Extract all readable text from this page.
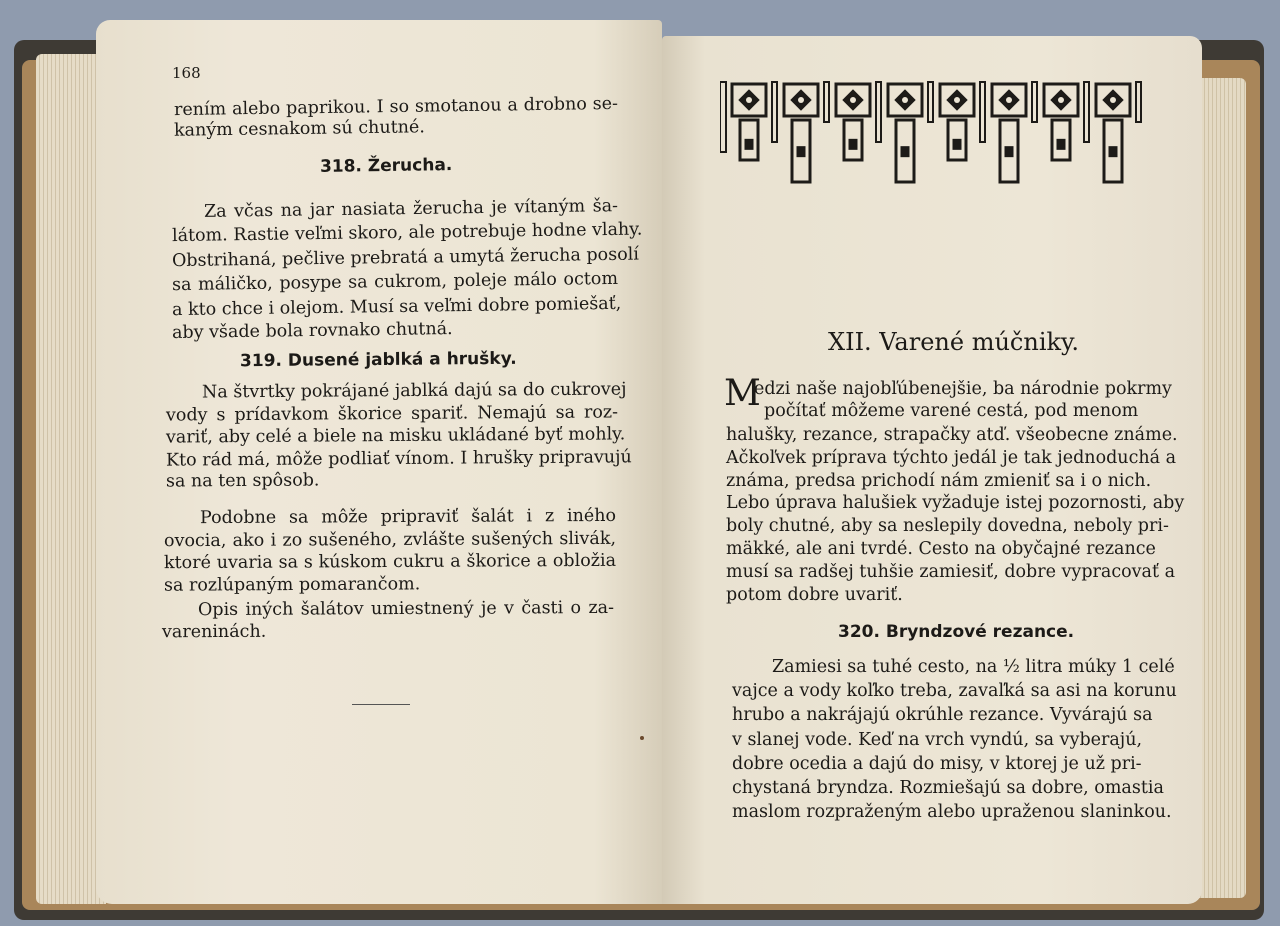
168
rením alebo paprikou. I so smotanou a drobno se-
kaným cesnakom sú chutné.
318. Žerucha.
Za včas na jar nasiata žerucha je vítaným ša-
látom. Rastie veľmi skoro, ale potrebuje hodne vlahy.
Obstrihaná, pečlive prebratá a umytá žerucha posolí
sa máličko, posype sa cukrom, poleje málo octom
a kto chce i olejom. Musí sa veľmi dobre pomiešať,
aby všade bola rovnako chutná.
319. Dusené jablká a hrušky.
Na štvrtky pokrájané jablká dajú sa do cukrovej
vody s prídavkom škorice spariť. Nemajú sa roz-
variť, aby celé a biele na misku ukládané byť mohly.
Kto rád má, môže podliať vínom. I hrušky pripravujú
sa na ten spôsob.
Podobne sa môže pripraviť šalát i z iného
ovocia, ako i zo sušeného, zvlášte sušených slivák,
ktoré uvaria sa s kúskom cukru a škorice a obložia
sa rozlúpaným pomarančom.
Opis iných šalátov umiestnený je v časti o za-
vareninách.
XII. Varené múčniky.
M
edzi naše najobľúbenejšie, ba národnie pokrmy
počítať môžeme varené cestá, pod menom
halušky, rezance, strapačky atď. všeobecne známe.
Ačkoľvek príprava týchto jedál je tak jednoduchá a
známa, predsa prichodí nám zmieniť sa i o nich.
Lebo úprava halušiek vyžaduje istej pozornosti, aby
boly chutné, aby sa neslepily dovedna, neboly pri-
mäkké, ale ani tvrdé. Cesto na obyčajné rezance
musí sa radšej tuhšie zamiesiť, dobre vypracovať a
potom dobre uvariť.
320. Bryndzové rezance.
Zamiesi sa tuhé cesto, na ½ litra múky 1 celé
vajce a vody koľko treba, zavaľká sa asi na korunu
hrubo a nakrájajú okrúhle rezance. Vyvárajú sa
v slanej vode. Keď na vrch vyndú, sa vyberajú,
dobre ocedia a dajú do misy, v ktorej je už pri-
chystaná bryndza. Rozmiešajú sa dobre, omastia
maslom rozpraženým alebo upraženou slaninkou.
